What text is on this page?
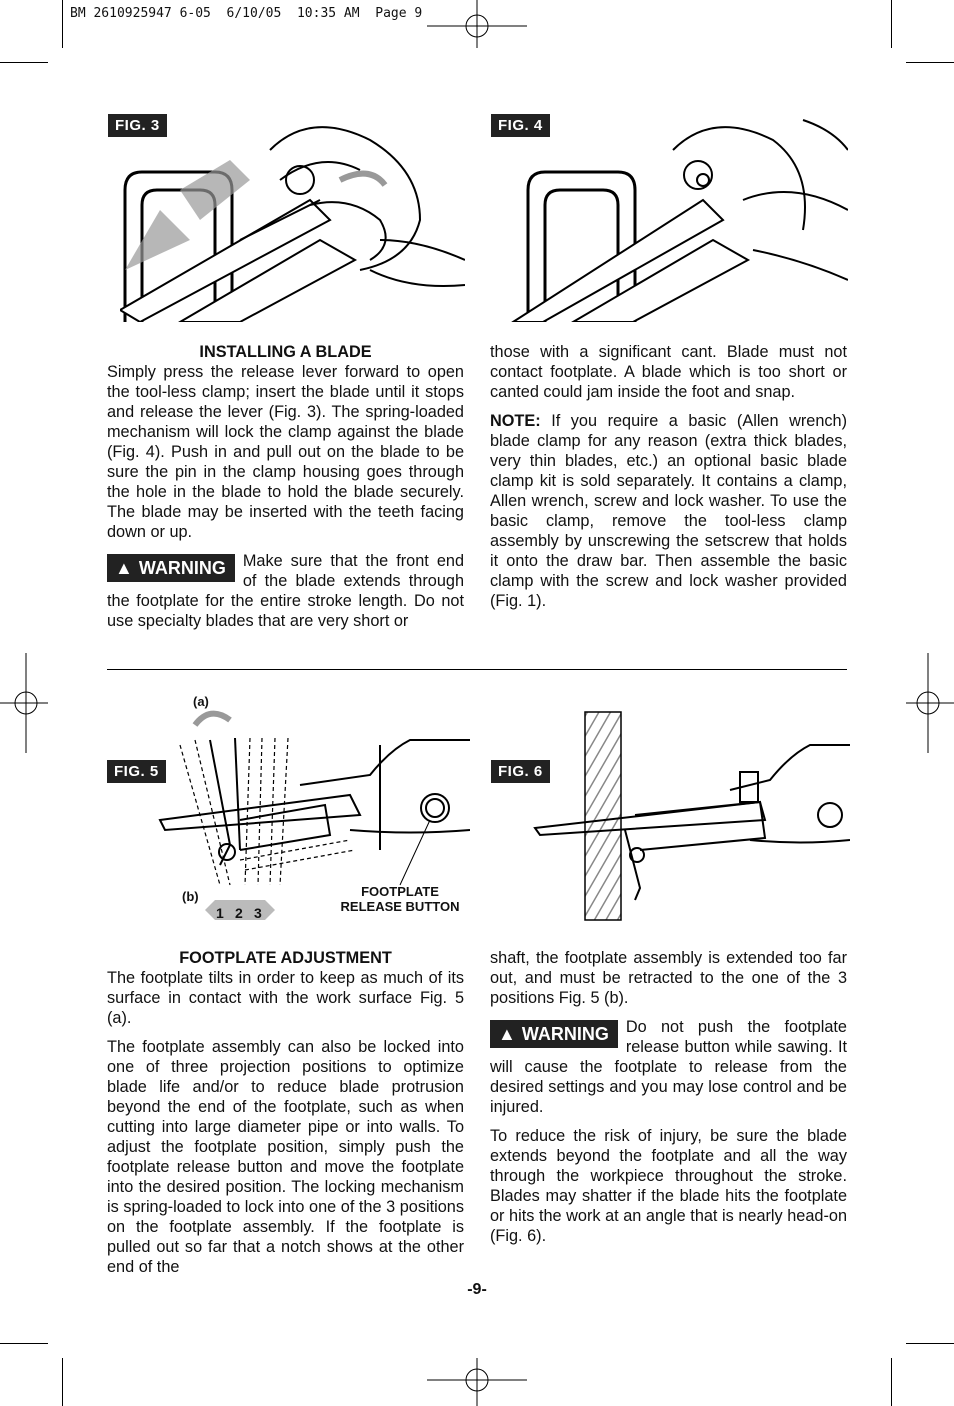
BM 2610925947 6-05  6/10/05  10:35 AM  Page 9
FIG. 3	FIG. 4

INSTALLING A BLADE

Simply press the release lever forward to open the tool-less clamp; insert the blade until it stops and release the lever (Fig. 3). The spring-loaded mechanism will lock the clamp against the blade (Fig. 4). Push in and pull out on the blade to be sure the pin in the clamp housing goes through the hole in the blade to hold the blade securely. The blade may be inserted with the teeth facing down or up.

▲ WARNING	Make sure that the front end of the blade extends through the footplate for the entire stroke length. Do not use specialty blades that are very short or

those with a significant cant. Blade must not contact footplate. A blade which is too short or canted could jam inside the foot and snap.

NOTE: If you require a basic (Allen wrench) blade clamp for any reason (extra thick blades, very thin blades, etc.) an optional basic blade clamp kit is sold separately. It contains a clamp, Allen wrench, screw and lock washer. To use the basic clamp, remove the tool-less clamp assembly by unscrewing the setscrew that holds it onto the draw bar. Then assemble the basic clamp with the screw and lock washer provided (Fig. 1).

FIG. 5
(a)
(b)
1 2 3
FOOTPLATE
RELEASE BUTTON
FIG. 6

FOOTPLATE ADJUSTMENT

The footplate tilts in order to keep as much of its surface in contact with the work surface Fig. 5 (a).

The footplate assembly can also be locked into one of three projection positions to optimize blade life and/or to reduce blade protrusion beyond the end of the footplate, such as when cutting into large diameter pipe or into walls. To adjust the footplate position, simply push the footplate release button and move the footplate into the desired position. The locking mechanism is spring-loaded to lock into one of the 3 positions on the footplate assembly. If the footplate is pulled out so far that a notch shows at the other end of the

shaft, the footplate assembly is extended too far out, and must be retracted to the one of the 3 positions Fig. 5 (b).

▲ WARNING	Do not push the footplate release button while sawing. It will cause the footplate to release from the desired settings and you may lose control and be injured.

To reduce the risk of injury, be sure the blade extends beyond the footplate and all the way through the workpiece throughout the stroke. Blades may shatter if the blade hits the footplate or hits the work at an angle that is nearly head-on (Fig. 6).

-9-
